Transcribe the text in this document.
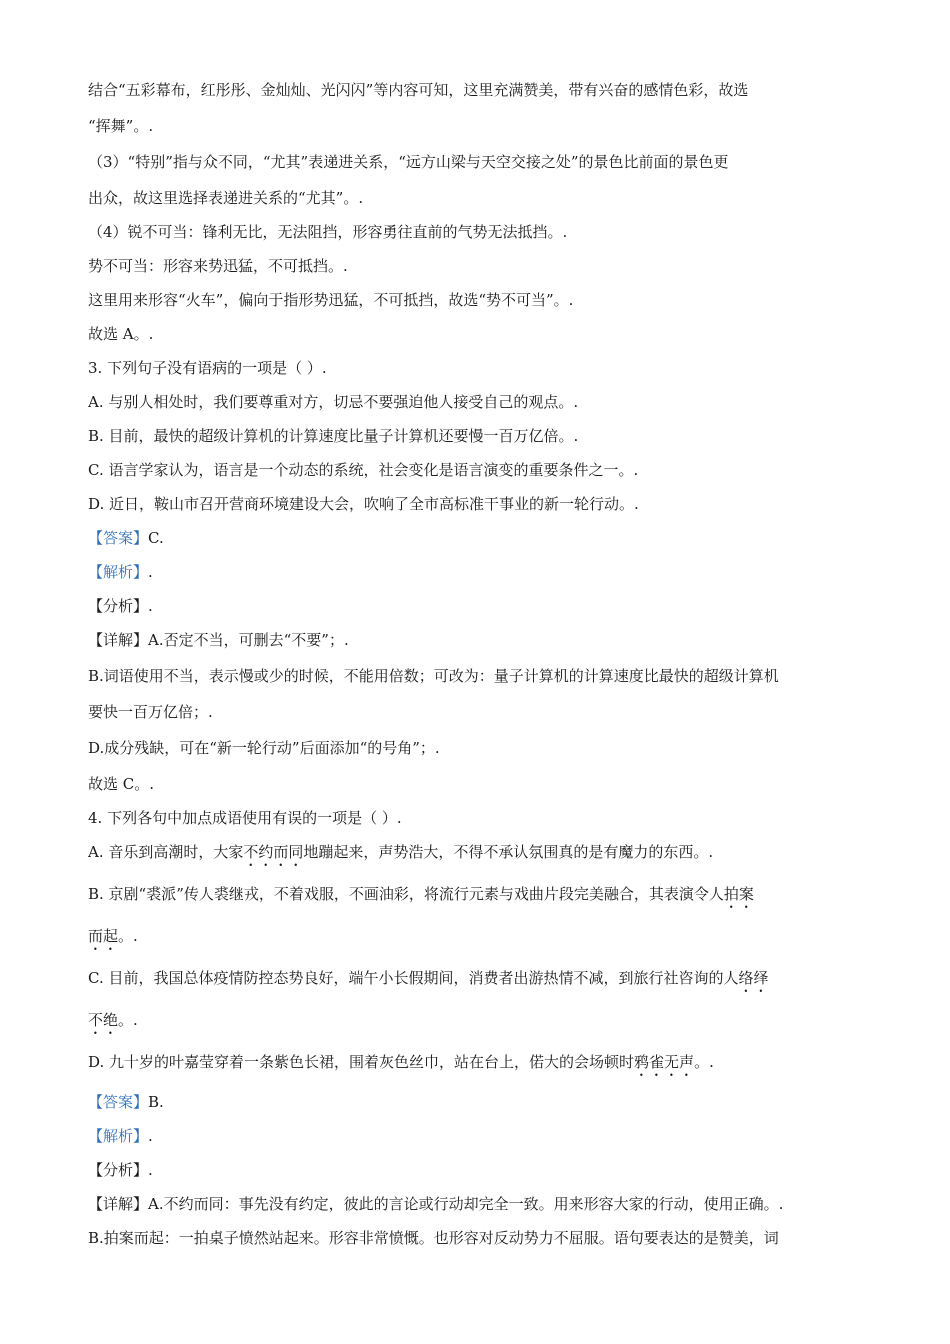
结合“五彩幕布，红彤彤、金灿灿、光闪闪”等内容可知，这里充满赞美，带有兴奋的感情色彩，故选

“挥舞”。.

（3）“特别”指与众不同，“尤其”表递进关系，“远方山梁与天空交接之处”的景色比前面的景色更

出众，故这里选择表递进关系的“尤其”。.

（4）锐不可当：锋利无比，无法阻挡，形容勇往直前的气势无法抵挡。.

势不可当：形容来势迅猛，不可抵挡。.

这里用来形容“火车”，偏向于指形势迅猛，不可抵挡，故选“势不可当”。.

故选 A。.

3. 下列句子没有语病的一项是（ ）.

A. 与别人相处时，我们要尊重对方，切忌不要强迫他人接受自己的观点。.

B. 目前，最快的超级计算机的计算速度比量子计算机还要慢一百万亿倍。.

C. 语言学家认为，语言是一个动态的系统，社会变化是语言演变的重要条件之一。.

D. 近日，鞍山市召开营商环境建设大会，吹响了全市高标准干事业的新一轮行动。.

【答案】C.

【解析】.

【分析】.

【详解】A.否定不当，可删去“不要”；.

B.词语使用不当，表示慢或少的时候，不能用倍数；可改为：量子计算机的计算速度比最快的超级计算机

要快一百万亿倍；.

D.成分残缺，可在“新一轮行动”后面添加“的号角”；.

故选 C。.

4. 下列各句中加点成语使用有误的一项是（ ）.

A. 音乐到高潮时，大家不约而同地蹦起来，声势浩大，不得不承认氛围真的是有魔力的东西。.

B. 京剧“裘派”传人裘继戎，不着戏服，不画油彩，将流行元素与戏曲片段完美融合，其表演令人拍案

而起。.

C. 目前，我国总体疫情防控态势良好，端午小长假期间，消费者出游热情不减，到旅行社咨询的人络绎

不绝。.

D. 九十岁的叶嘉莹穿着一条紫色长裙，围着灰色丝巾，站在台上，偌大的会场顿时鸦雀无声。.

【答案】B.

【解析】.

【分析】.

【详解】A.不约而同：事先没有约定，彼此的言论或行动却完全一致。用来形容大家的行动，使用正确。.

B.拍案而起：一拍桌子愤然站起来。形容非常愤慨。也形容对反动势力不屈服。语句要表达的是赞美，词
